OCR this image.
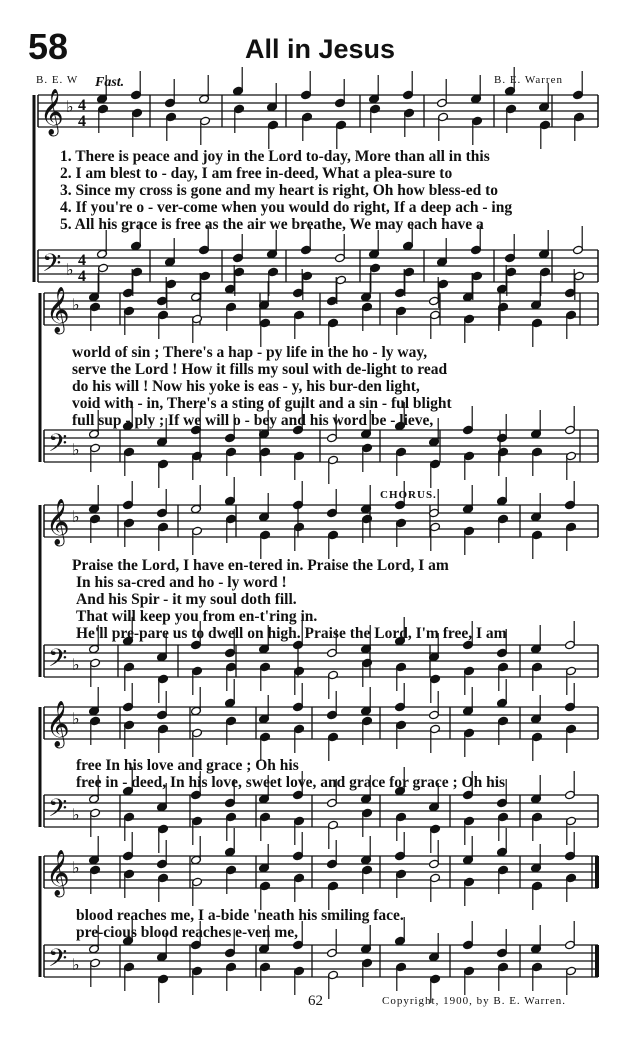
58	All in Jesus
B. E. W Fast.	B. E. Warren
𝄞
𝄢
♭
♭
4
4
4
4
𝄞
𝄢
♭
♭
𝄞
𝄢
♭
♭
𝄞
𝄢
♭
♭
𝄞
𝄢
♭
♭
1. There is peace and joy in the Lord to-day, More than all in this
2. I am blest to - day, I am free in-deed, What a plea-sure to
3. Since my cross is gone and my heart is right, Oh how bless-ed to
4. If you're o - ver-come when you would do right, If a deep ach - ing
5. All his grace is free as the air we breathe, We may each have a
world of sin ; There's a hap - py life in the ho - ly way,
serve the Lord ! How it fills my soul with de-light to read
do his will ! Now his yoke is eas - y, his bur-den light,
void with - in, There's a sting of guilt and a sin - ful blight
full sup - ply ; If we will o - bey and his word be - lieve,
CHORUS.
Praise the Lord, I have en-tered in. Praise the Lord, I am
In his sa-cred and ho - ly word !
And his Spir - it my soul doth fill.
That will keep you from en-t'ring in.
He'll pre-pare us to dwell on high. Praise the Lord, I'm free, I am
free In his love and grace ; Oh his
free in - deed, In his love, sweet love, and grace for grace ; Oh his
blood reaches me, I a-bide 'neath his smiling face.
pre-cious blood reaches e-ven me,
62	Copyright, 1900, by B. E. Warren.
